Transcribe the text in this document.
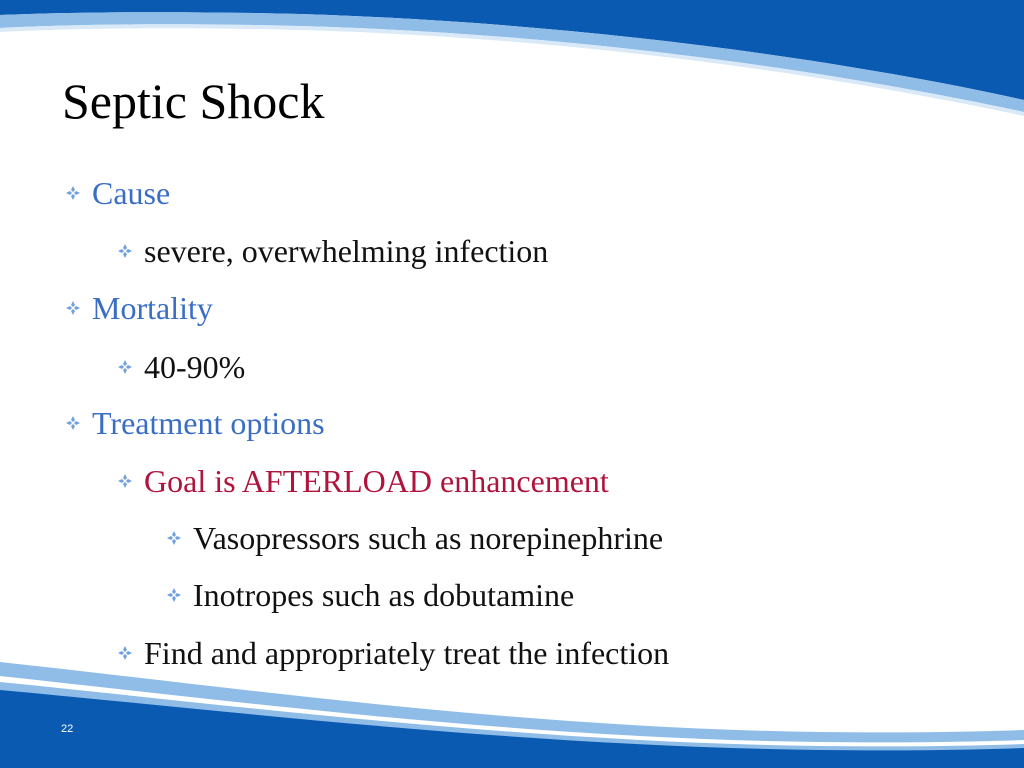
Septic Shock
Cause
severe, overwhelming infection
Mortality
40-90%
Treatment options
Goal is AFTERLOAD enhancement
Vasopressors such as norepinephrine
Inotropes such as dobutamine
Find and appropriately treat the infection
22
